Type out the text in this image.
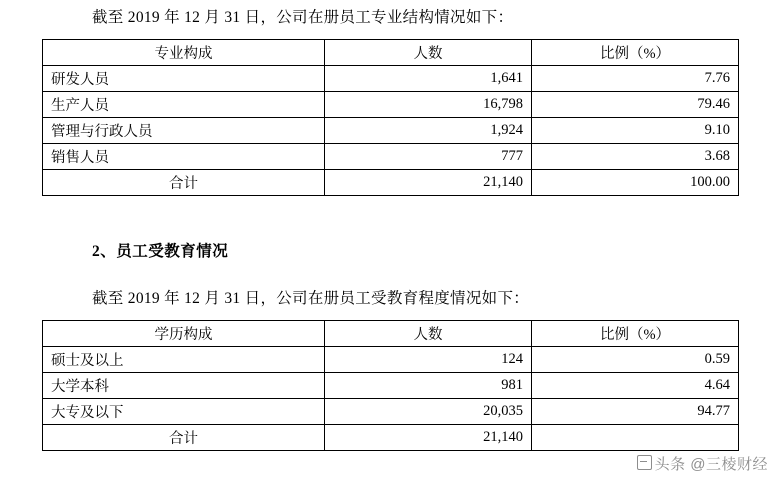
截至 2019 年 12 月 31 日，公司在册员工专业结构情况如下：

专业构成	人数	比例（%）
研发人员	1,641	7.76
生产人员	16,798	79.46
管理与行政人员	1,924	9.10
销售人员	777	3.68
合计	21,140	100.00
2、员工受教育情况

截至 2019 年 12 月 31 日，公司在册员工受教育程度情况如下：

学历构成	人数	比例（%）
硕士及以上	124	0.59
大学本科	981	4.64
大专及以下	20,035	94.77
合计	21,140	
头条 @三棱财经
